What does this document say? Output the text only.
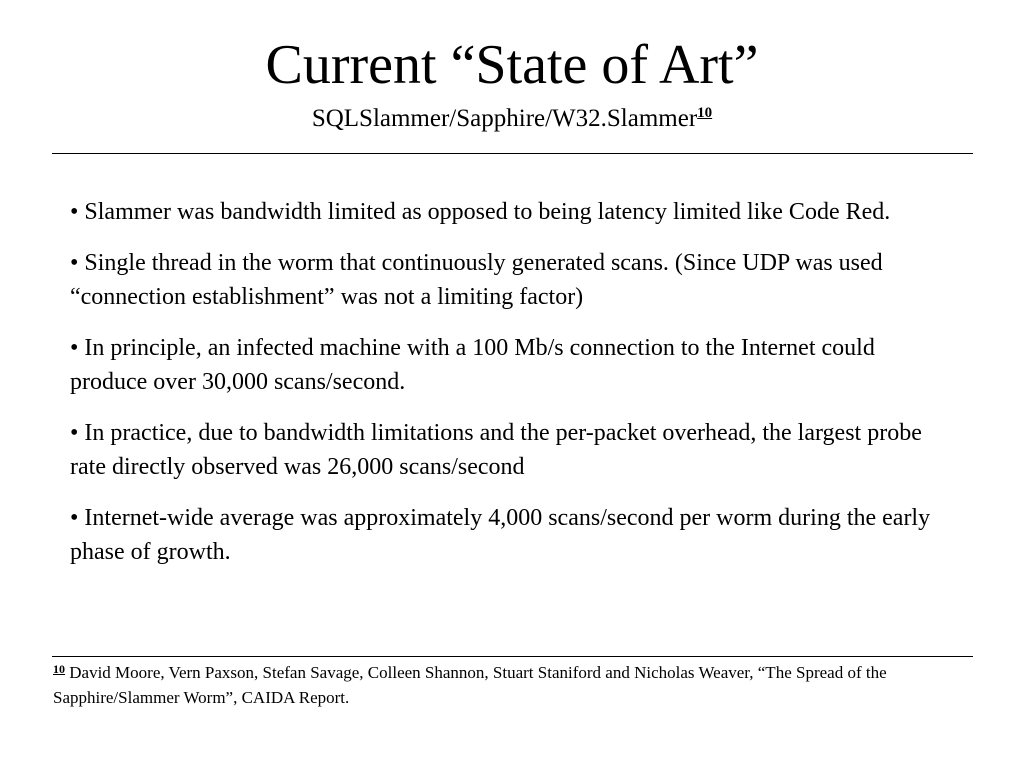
Current “State of Art”
SQLSlammer/Sapphire/W32.Slammer$^{10}$
• Slammer was bandwidth limited as opposed to being latency limited like Code Red.
• Single thread in the worm that continuously generated scans. (Since UDP was used “connection establishment” was not a limiting factor)
• In principle, an infected machine with a 100 Mb/s connection to the Internet could produce over 30,000 scans/second.
• In practice, due to bandwidth limitations and the per-packet overhead, the largest probe rate directly observed was 26,000 scans/second
• Internet-wide average was approximately 4,000 scans/second per worm during the early phase of growth.
$^{10}$ David Moore, Vern Paxson, Stefan Savage, Colleen Shannon, Stuart Staniford and Nicholas Weaver, “The Spread of the Sapphire/Slammer Worm”, CAIDA Report.
